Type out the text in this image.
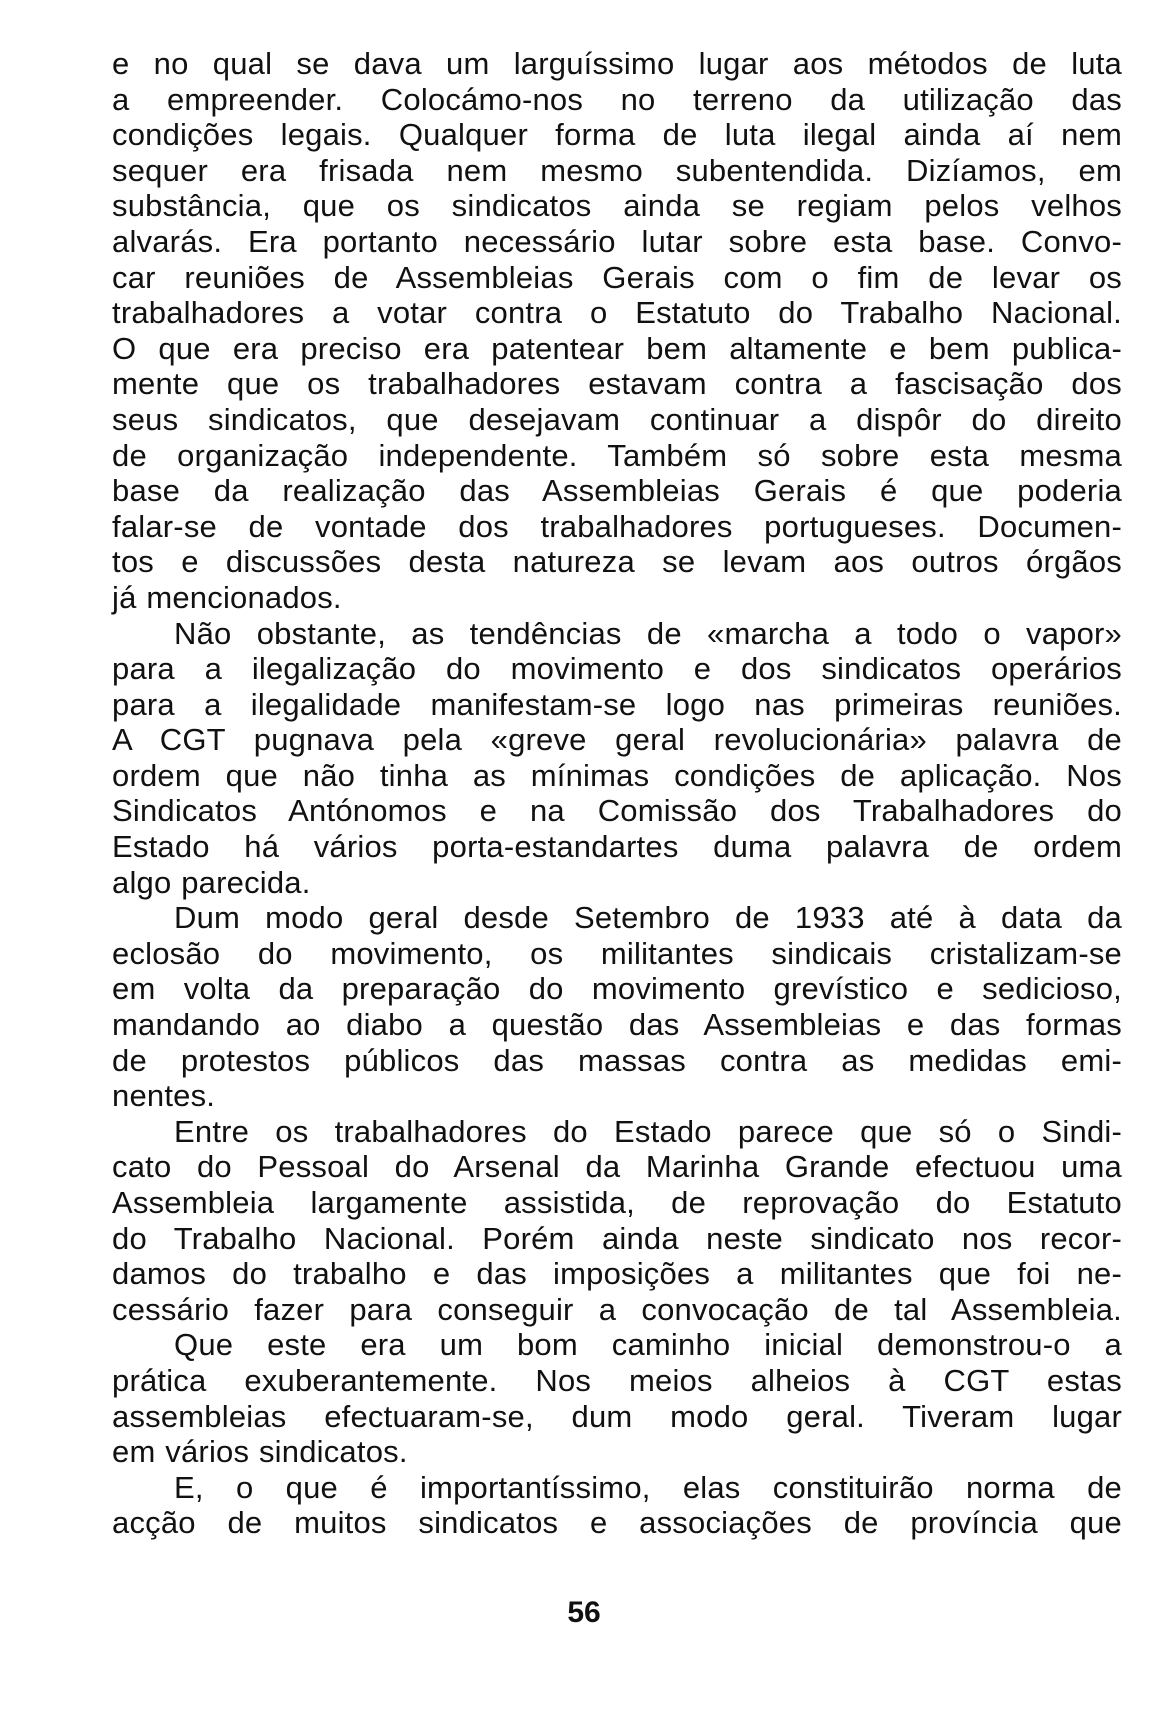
e no qual se dava um larguíssimo lugar aos métodos de luta
a empreender. Colocámo-nos no terreno da utilização das
condições legais. Qualquer forma de luta ilegal ainda aí nem
sequer era frisada nem mesmo subentendida. Dizíamos, em
substância, que os sindicatos ainda se regiam pelos velhos
alvarás. Era portanto necessário lutar sobre esta base. Convo-
car reuniões de Assembleias Gerais com o fim de levar os
trabalhadores a votar contra o Estatuto do Trabalho Nacional.
O que era preciso era patentear bem altamente e bem publica-
mente que os trabalhadores estavam contra a fascisação dos
seus sindicatos, que desejavam continuar a dispôr do direito
de organização independente. Também só sobre esta mesma
base da realização das Assembleias Gerais é que poderia
falar-se de vontade dos trabalhadores portugueses. Documen-
tos e discussões desta natureza se levam aos outros órgãos
já mencionados.
Não obstante, as tendências de «marcha a todo o vapor»
para a ilegalização do movimento e dos sindicatos operários
para a ilegalidade manifestam-se logo nas primeiras reuniões.
A CGT pugnava pela «greve geral revolucionária» palavra de
ordem que não tinha as mínimas condições de aplicação. Nos
Sindicatos Antónomos e na Comissão dos Trabalhadores do
Estado há vários porta-estandartes duma palavra de ordem
algo parecida.
Dum modo geral desde Setembro de 1933 até à data da
eclosão do movimento, os militantes sindicais cristalizam-se
em volta da preparação do movimento grevístico e sedicioso,
mandando ao diabo a questão das Assembleias e das formas
de protestos públicos das massas contra as medidas emi-
nentes.
Entre os trabalhadores do Estado parece que só o Sindi-
cato do Pessoal do Arsenal da Marinha Grande efectuou uma
Assembleia largamente assistida, de reprovação do Estatuto
do Trabalho Nacional. Porém ainda neste sindicato nos recor-
damos do trabalho e das imposições a militantes que foi ne-
cessário fazer para conseguir a convocação de tal Assembleia.
Que este era um bom caminho inicial demonstrou-o a
prática exuberantemente. Nos meios alheios à CGT estas
assembleias efectuaram-se, dum modo geral. Tiveram lugar
em vários sindicatos.
E, o que é importantíssimo, elas constituirão norma de
acção de muitos sindicatos e associações de província que
56
